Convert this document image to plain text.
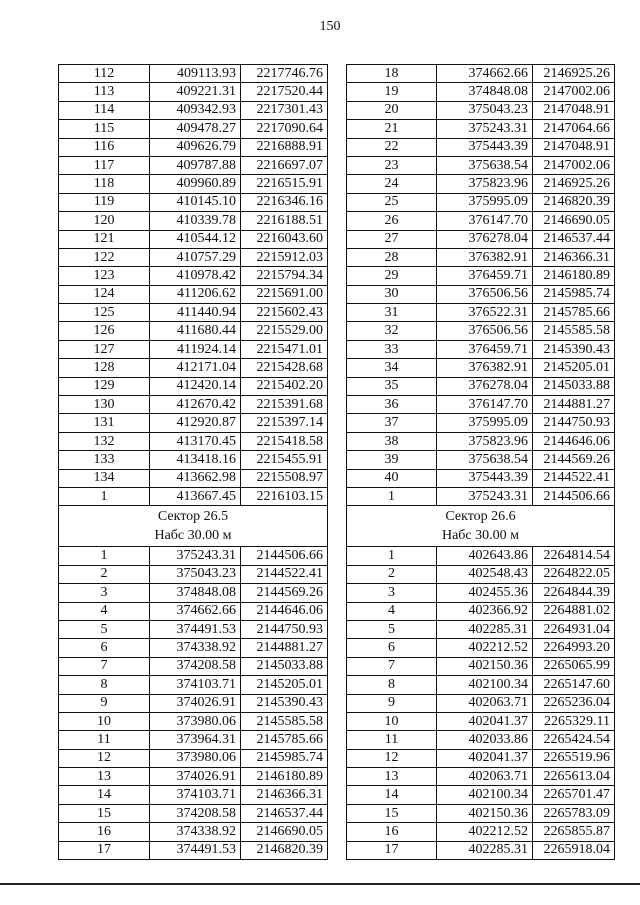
150
112	409113.93	2217746.76
113	409221.31	2217520.44
114	409342.93	2217301.43
115	409478.27	2217090.64
116	409626.79	2216888.91
117	409787.88	2216697.07
118	409960.89	2216515.91
119	410145.10	2216346.16
120	410339.78	2216188.51
121	410544.12	2216043.60
122	410757.29	2215912.03
123	410978.42	2215794.34
124	411206.62	2215691.00
125	411440.94	2215602.43
126	411680.44	2215529.00
127	411924.14	2215471.01
128	412171.04	2215428.68
129	412420.14	2215402.20
130	412670.42	2215391.68
131	412920.87	2215397.14
132	413170.45	2215418.58
133	413418.16	2215455.91
134	413662.98	2215508.97
1	413667.45	2216103.15

Сектор 26.5
Набс 30.00 м		

1	375243.31	2144506.66
2	375043.23	2144522.41
3	374848.08	2144569.26
4	374662.66	2144646.06
5	374491.53	2144750.93
6	374338.92	2144881.27
7	374208.58	2145033.88
8	374103.71	2145205.01
9	374026.91	2145390.43
10	373980.06	2145585.58
11	373964.31	2145785.66
12	373980.06	2145985.74
13	374026.91	2146180.89
14	374103.71	2146366.31
15	374208.58	2146537.44
16	374338.92	2146690.05
17	374491.53	2146820.39
18	374662.66	2146925.26
19	374848.08	2147002.06
20	375043.23	2147048.91
21	375243.31	2147064.66
22	375443.39	2147048.91
23	375638.54	2147002.06
24	375823.96	2146925.26
25	375995.09	2146820.39
26	376147.70	2146690.05
27	376278.04	2146537.44
28	376382.91	2146366.31
29	376459.71	2146180.89
30	376506.56	2145985.74
31	376522.31	2145785.66
32	376506.56	2145585.58
33	376459.71	2145390.43
34	376382.91	2145205.01
35	376278.04	2145033.88
36	376147.70	2144881.27
37	375995.09	2144750.93
38	375823.96	2144646.06
39	375638.54	2144569.26
40	375443.39	2144522.41
1	375243.31	2144506.66

Сектор 26.6
Набс 30.00 м		

1	402643.86	2264814.54
2	402548.43	2264822.05
3	402455.36	2264844.39
4	402366.92	2264881.02
5	402285.31	2264931.04
6	402212.52	2264993.20
7	402150.36	2265065.99
8	402100.34	2265147.60
9	402063.71	2265236.04
10	402041.37	2265329.11
11	402033.86	2265424.54
12	402041.37	2265519.96
13	402063.71	2265613.04
14	402100.34	2265701.47
15	402150.36	2265783.09
16	402212.52	2265855.87
17	402285.31	2265918.04
